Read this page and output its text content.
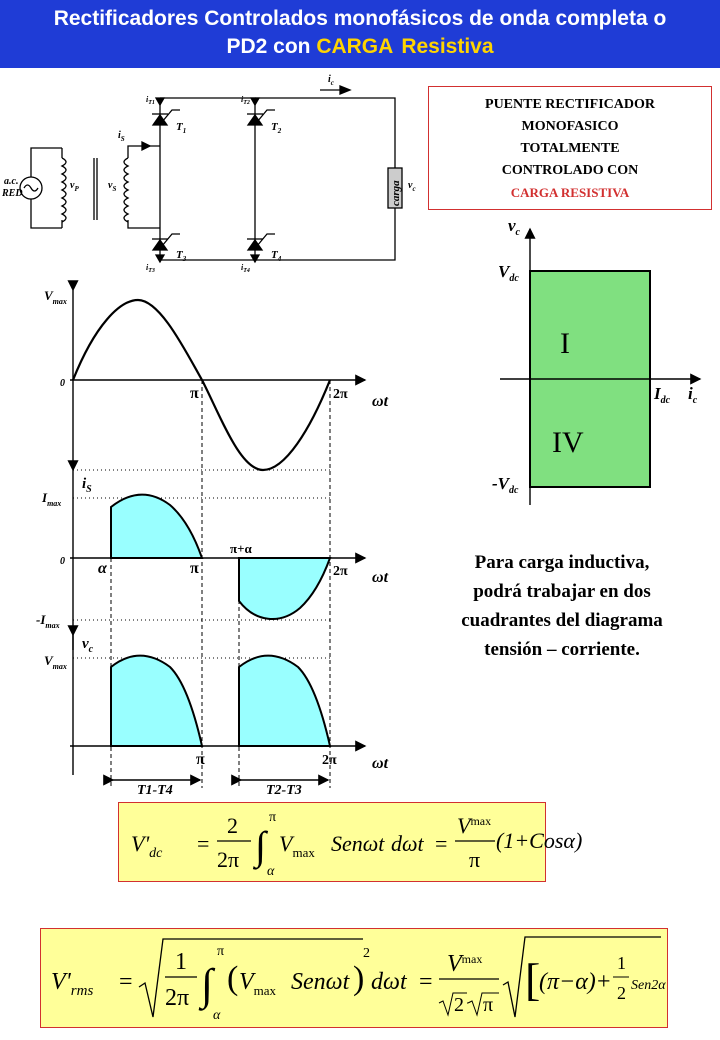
Rectificadores Controlados monofásicos de onda completa o
PD2 con CARGA Resistiva
a.c.
RED
$v_P$	$v_S$
$i_S$
$i_c$
$v_c$
carga
$T_1$	$T_2$
$T_3$	$T_4$
$i_{T1}$	$i_{T2}$
$i_{T3}$	$i_{T4}$
PUENTE RECTIFICADOR
MONOFASICO
TOTALMENTE
CONTROLADO CON
CARGA RESISTIVA
$V_{max}$
0
π	2π ωt
$i_S$
$I_{max}$
0 α	π
π+α
2π ωt
$-I_{max}$
$v_c$
$V_{max}$
π	2π ωt
T1-T4	T2-T3
$v_c$
$V_{dc}$
$-V_{dc}$
$I_{dc}$ $i_c$
I
IV
Para carga inductiva,
podrá trabajar en dos
cuadrantes del diagrama
tensión – corriente.
$V'_{dc}$ =
2
2π ∫
π
α
$V_{max}$ Senωt dωt =
$V^{max}$
π
(1+Cosα)
$V'_{rms}$ =
1
2π ∫
π
α
( $V_{max}$ Senωt )
2
dωt =
$V^{max}$
2 π [
(π−α) +
1
2 Sen2α
